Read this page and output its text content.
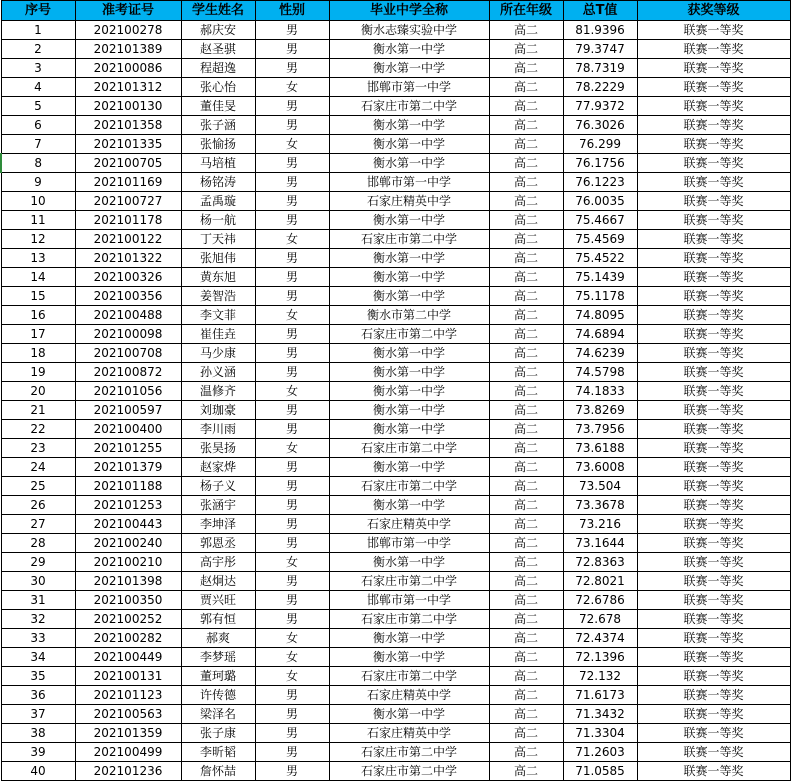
序号	准考证号	学生姓名	性别	毕业中学全称	所在年级	总T值	获奖等级
1	202100278	郝庆安	男	衡水志臻实验中学	高二	81.9396	联赛一等奖
2	202101389	赵圣骐	男	衡水第一中学	高二	79.3747	联赛一等奖
3	202100086	程超逸	男	衡水第一中学	高二	78.7319	联赛一等奖
4	202101312	张心怡	女	邯郸市第一中学	高二	78.2229	联赛一等奖
5	202100130	董佳旻	男	石家庄市第二中学	高二	77.9372	联赛一等奖
6	202101358	张子涵	男	衡水第一中学	高二	76.3026	联赛一等奖
7	202101335	张愉扬	女	衡水第一中学	高二	76.299	联赛一等奖
8	202100705	马培植	男	衡水第一中学	高二	76.1756	联赛一等奖
9	202101169	杨铭涛	男	邯郸市第一中学	高二	76.1223	联赛一等奖
10	202100727	孟禹璇	男	石家庄精英中学	高二	76.0035	联赛一等奖
11	202101178	杨一航	男	衡水第一中学	高二	75.4667	联赛一等奖
12	202100122	丁天祎	女	石家庄市第二中学	高二	75.4569	联赛一等奖
13	202101322	张旭伟	男	衡水第一中学	高二	75.4522	联赛一等奖
14	202100326	黄东旭	男	衡水第一中学	高二	75.1439	联赛一等奖
15	202100356	姜智浩	男	衡水第一中学	高二	75.1178	联赛一等奖
16	202100488	李文菲	女	衡水市第二中学	高二	74.8095	联赛一等奖
17	202100098	崔佳垚	男	石家庄市第二中学	高二	74.6894	联赛一等奖
18	202100708	马少康	男	衡水第一中学	高二	74.6239	联赛一等奖
19	202100872	孙义涵	男	衡水第一中学	高二	74.5798	联赛一等奖
20	202101056	温修齐	女	衡水第一中学	高二	74.1833	联赛一等奖
21	202100597	刘珈豪	男	衡水第一中学	高二	73.8269	联赛一等奖
22	202100400	李川雨	男	衡水第一中学	高二	73.7956	联赛一等奖
23	202101255	张昊扬	女	石家庄市第二中学	高二	73.6188	联赛一等奖
24	202101379	赵家烨	男	衡水第一中学	高二	73.6008	联赛一等奖
25	202101188	杨子义	男	石家庄市第二中学	高二	73.504	联赛一等奖
26	202101253	张涵宇	男	衡水第一中学	高二	73.3678	联赛一等奖
27	202100443	李坤泽	男	石家庄精英中学	高二	73.216	联赛一等奖
28	202100240	郭恩丞	男	邯郸市第一中学	高二	73.1644	联赛一等奖
29	202100210	高宇彤	女	衡水第一中学	高二	72.8363	联赛一等奖
30	202101398	赵炯达	男	石家庄市第二中学	高二	72.8021	联赛一等奖
31	202100350	贾兴旺	男	邯郸市第一中学	高二	72.6786	联赛一等奖
32	202100252	郭有恒	男	石家庄市第二中学	高二	72.678	联赛一等奖
33	202100282	郝爽	女	衡水第一中学	高二	72.4374	联赛一等奖
34	202100449	李梦瑶	女	衡水第一中学	高二	72.1396	联赛一等奖
35	202100131	董珂璐	女	石家庄市第二中学	高二	72.132	联赛一等奖
36	202101123	许传德	男	石家庄精英中学	高二	71.6173	联赛一等奖
37	202100563	梁泽名	男	衡水第一中学	高二	71.3432	联赛一等奖
38	202101359	张子康	男	石家庄精英中学	高二	71.3304	联赛一等奖
39	202100499	李昕韬	男	石家庄市第二中学	高二	71.2603	联赛一等奖
40	202101236	詹怀喆	男	石家庄市第二中学	高二	71.0585	联赛一等奖
